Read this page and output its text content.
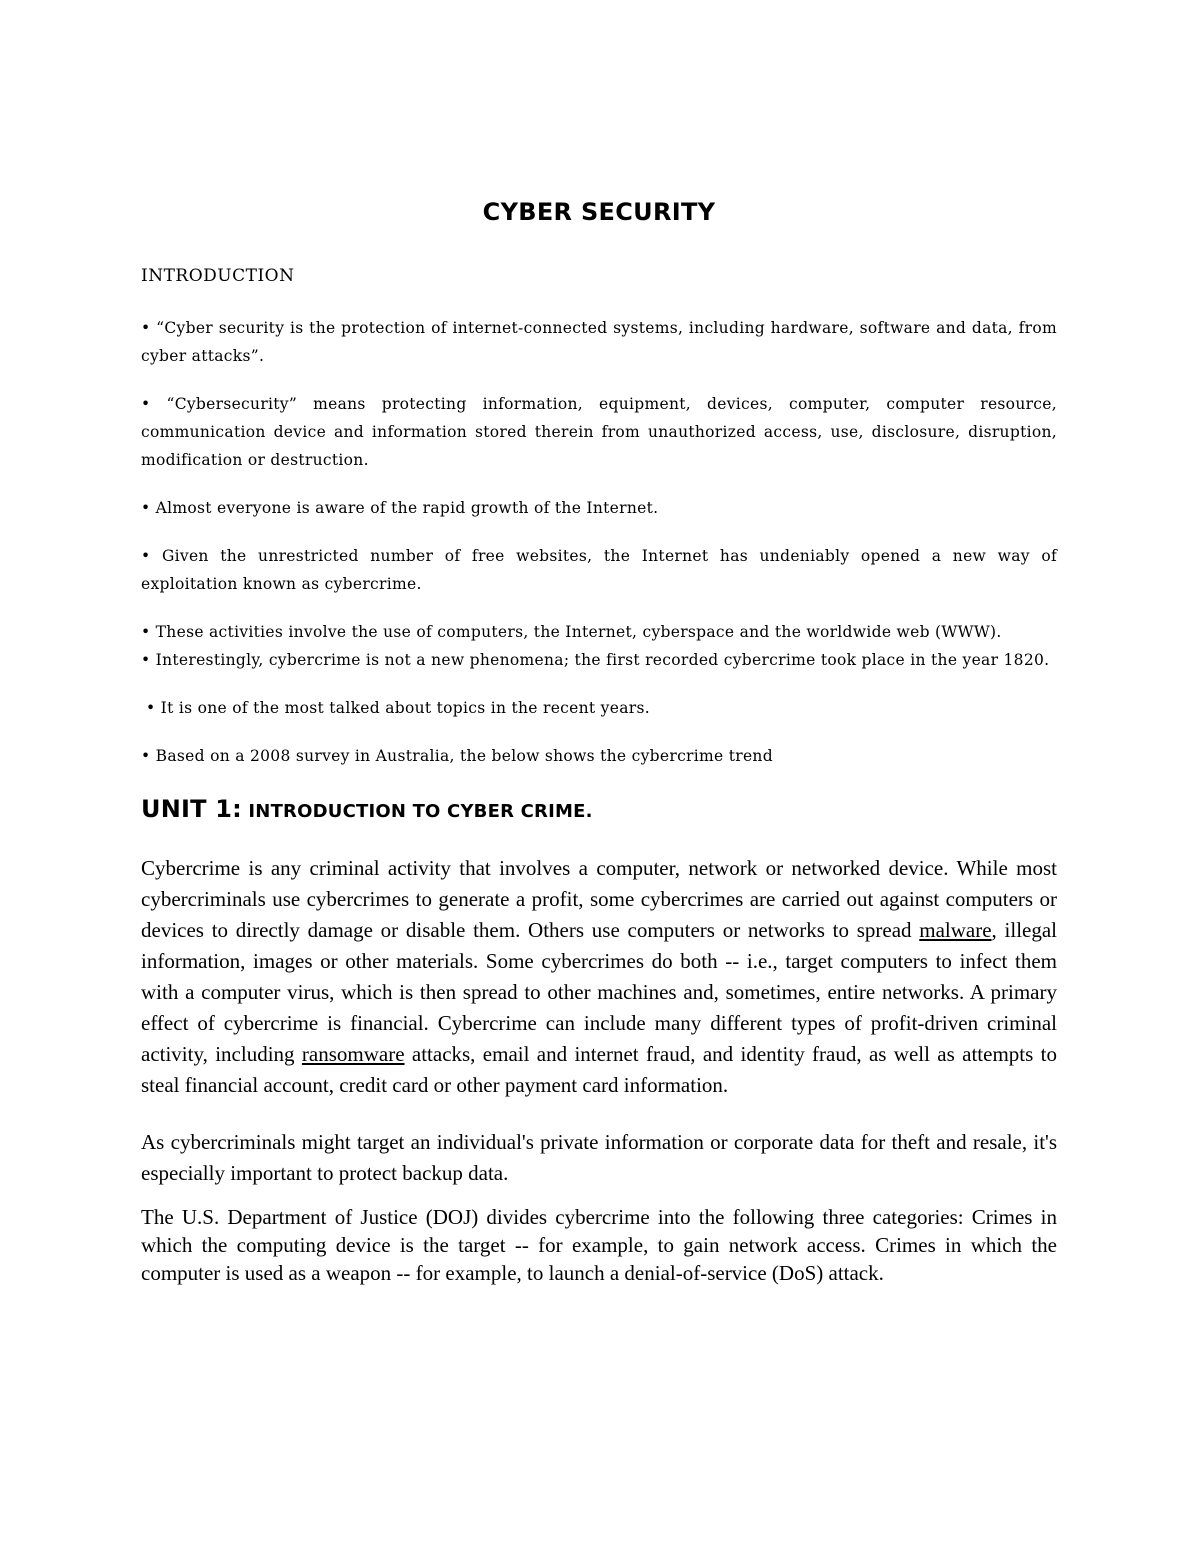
CYBER SECURITY
INTRODUCTION

• “Cyber security is the protection of internet-connected systems, including hardware, software and data, from cyber attacks”.

• “Cybersecurity” means protecting information, equipment, devices, computer, computer resource, communication device and information stored therein from unauthorized access, use, disclosure, disruption, modification or destruction.

• Almost everyone is aware of the rapid growth of the Internet.

• Given the unrestricted number of free websites, the Internet has undeniably opened a new way of exploitation known as cybercrime.

• These activities involve the use of computers, the Internet, cyberspace and the worldwide web (WWW).

• Interestingly, cybercrime is not a new phenomena; the first recorded cybercrime took place in the year 1820.

• It is one of the most talked about topics in the recent years.

• Based on a 2008 survey in Australia, the below shows the cybercrime trend

UNIT 1: INTRODUCTION TO CYBER CRIME.

Cybercrime is any criminal activity that involves a computer, network or networked device. While most cybercriminals use cybercrimes to generate a profit, some cybercrimes are carried out against computers or devices to directly damage or disable them. Others use computers or networks to spread malware, illegal information, images or other materials. Some cybercrimes do both -- i.e., target computers to infect them with a computer virus, which is then spread to other machines and, sometimes, entire networks. A primary effect of cybercrime is financial. Cybercrime can include many different types of profit-driven criminal activity, including ransomware attacks, email and internet fraud, and identity fraud, as well as attempts to steal financial account, credit card or other payment card information.

As cybercriminals might target an individual's private information or corporate data for theft and resale, it's especially important to protect backup data.

The U.S. Department of Justice (DOJ) divides cybercrime into the following three categories: Crimes in which the computing device is the target -- for example, to gain network access. Crimes in which the computer is used as a weapon -- for example, to launch a denial-of-service (DoS) attack.
